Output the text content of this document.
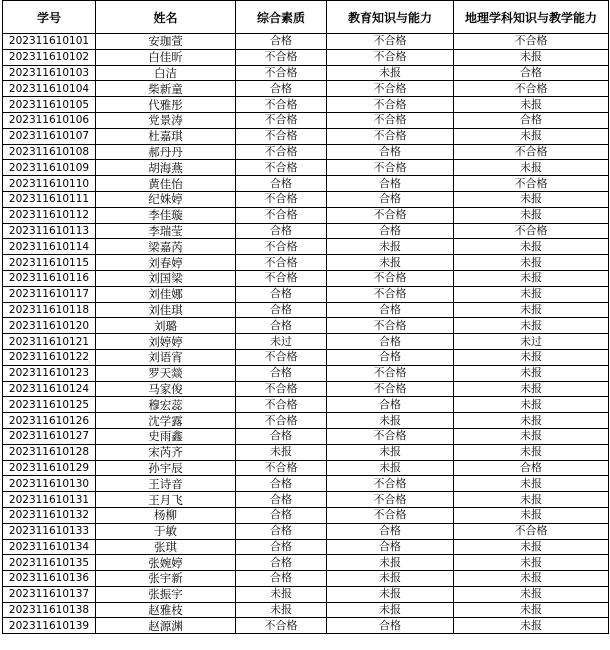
学号	姓名	综合素质	教育知识与能力	地理学科知识与教学能力
202311610101	安珈萱	合格	不合格	不合格
202311610102	白佳昕	不合格	不合格	未报
202311610103	白洁	不合格	未报	合格
202311610104	柴新童	合格	不合格	不合格
202311610105	代雅彤	不合格	不合格	未报
202311610106	党景涛	不合格	不合格	合格
202311610107	杜嘉琪	不合格	不合格	未报
202311610108	郝丹丹	不合格	合格	不合格
202311610109	胡海燕	不合格	不合格	未报
202311610110	黄佳怡	合格	合格	不合格
202311610111	纪姝婷	不合格	合格	未报
202311610112	李佳璇	不合格	不合格	未报
202311610113	李瑞莹	合格	合格	不合格
202311610114	梁嘉芮	不合格	未报	未报
202311610115	刘春婷	不合格	未报	未报
202311610116	刘国梁	不合格	不合格	未报
202311610117	刘佳娜	合格	不合格	未报
202311610118	刘佳琪	合格	合格	未报
202311610120	刘璐	合格	不合格	未报
202311610121	刘婷婷	未过	合格	未过
202311610122	刘语宵	不合格	合格	未报
202311610123	罗天燚	合格	不合格	未报
202311610124	马家俊	不合格	不合格	未报
202311610125	穆宏蕊	不合格	合格	未报
202311610126	沈学露	不合格	未报	未报
202311610127	史雨鑫	合格	不合格	未报
202311610128	宋芮齐	未报	未报	未报
202311610129	孙宇辰	不合格	未报	合格
202311610130	王诗音	合格	不合格	未报
202311610131	王月飞	合格	不合格	未报
202311610132	杨柳	合格	不合格	未报
202311610133	于敏	合格	合格	不合格
202311610134	张琪	合格	合格	未报
202311610135	张婉婷	合格	未报	未报
202311610136	张宇新	合格	未报	未报
202311610137	张振宇	未报	未报	未报
202311610138	赵雅枝	未报	未报	未报
202311610139	赵源渊	不合格	合格	未报
